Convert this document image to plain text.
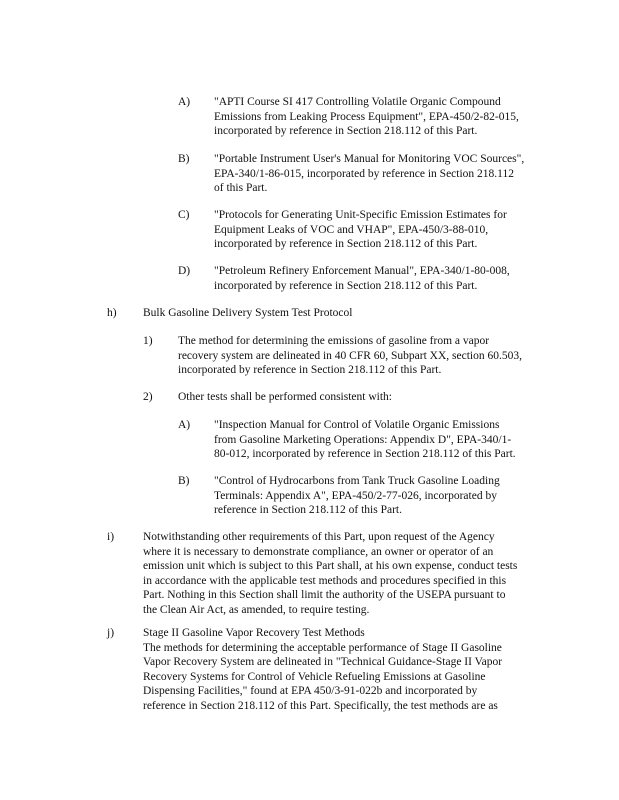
A) "APTI Course SI 417 Controlling Volatile Organic Compound
Emissions from Leaking Process Equipment", EPA-450/2-82-015,
incorporated by reference in Section 218.112 of this Part.
B) "Portable Instrument User's Manual for Monitoring VOC Sources",
EPA-340/1-86-015, incorporated by reference in Section 218.112
of this Part.
C) "Protocols for Generating Unit-Specific Emission Estimates for
Equipment Leaks of VOC and VHAP", EPA-450/3-88-010,
incorporated by reference in Section 218.112 of this Part.
D) "Petroleum Refinery Enforcement Manual", EPA-340/1-80-008,
incorporated by reference in Section 218.112 of this Part.
h) Bulk Gasoline Delivery System Test Protocol
1) The method for determining the emissions of gasoline from a vapor
recovery system are delineated in 40 CFR 60, Subpart XX, section 60.503,
incorporated by reference in Section 218.112 of this Part.
2) Other tests shall be performed consistent with:
A) "Inspection Manual for Control of Volatile Organic Emissions
from Gasoline Marketing Operations: Appendix D", EPA-340/1-
80-012, incorporated by reference in Section 218.112 of this Part.
B) "Control of Hydrocarbons from Tank Truck Gasoline Loading
Terminals: Appendix A", EPA-450/2-77-026, incorporated by
reference in Section 218.112 of this Part.
i)	Notwithstanding other requirements of this Part, upon request of the Agency
where it is necessary to demonstrate compliance, an owner or operator of an
emission unit which is subject to this Part shall, at his own expense, conduct tests
in accordance with the applicable test methods and procedures specified in this
Part. Nothing in this Section shall limit the authority of the USEPA pursuant to
the Clean Air Act, as amended, to require testing.
j)	Stage II Gasoline Vapor Recovery Test Methods
The methods for determining the acceptable performance of Stage II Gasoline
Vapor Recovery System are delineated in "Technical Guidance-Stage II Vapor
Recovery Systems for Control of Vehicle Refueling Emissions at Gasoline
Dispensing Facilities," found at EPA 450/3-91-022b and incorporated by
reference in Section 218.112 of this Part. Specifically, the test methods are as
